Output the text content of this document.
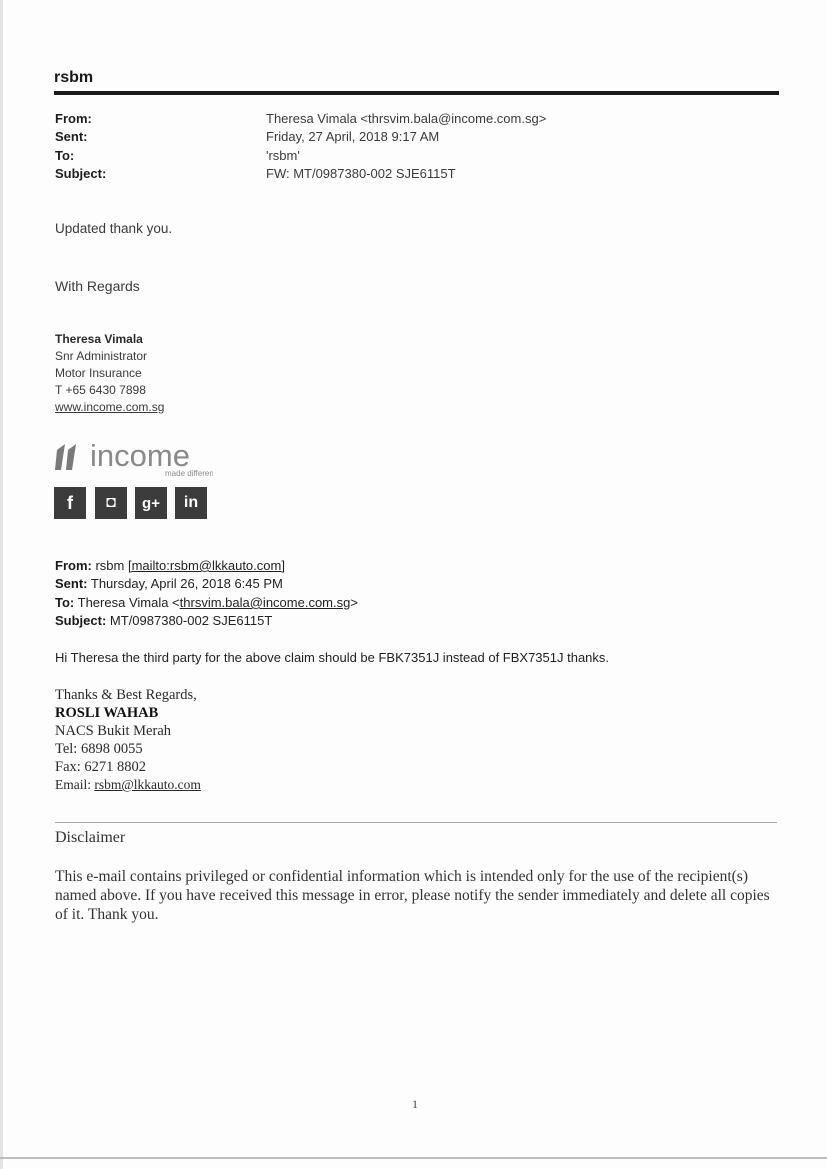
rsbm
From:	Theresa Vimala <thrsvim.bala@income.com.sg>
Sent:	Friday, 27 April, 2018 9:17 AM
To:	'rsbm'
Subject:	FW: MT/0987380-002 SJE6115T
Updated thank you.
With Regards
Theresa Vimala
Snr Administrator
Motor Insurance
T +65 6430 7898
www.income.com.sg
income
made different
f	◘	g+	in
From: rsbm [mailto:rsbm@lkkauto.com]
Sent: Thursday, April 26, 2018 6:45 PM
To: Theresa Vimala <thrsvim.bala@income.com.sg>
Subject: MT/0987380-002 SJE6115T
Hi Theresa the third party for the above claim should be FBK7351J instead of FBX7351J thanks.
Thanks & Best Regards,
ROSLI WAHAB
NACS Bukit Merah
Tel: 6898 0055
Fax: 6271 8802
Email: rsbm@lkkauto.com
Disclaimer
This e-mail contains privileged or confidential information which is intended only for the use of the recipient(s) named above. If you have received this message in error, please notify the sender immediately and delete all copies of it. Thank you.
1
